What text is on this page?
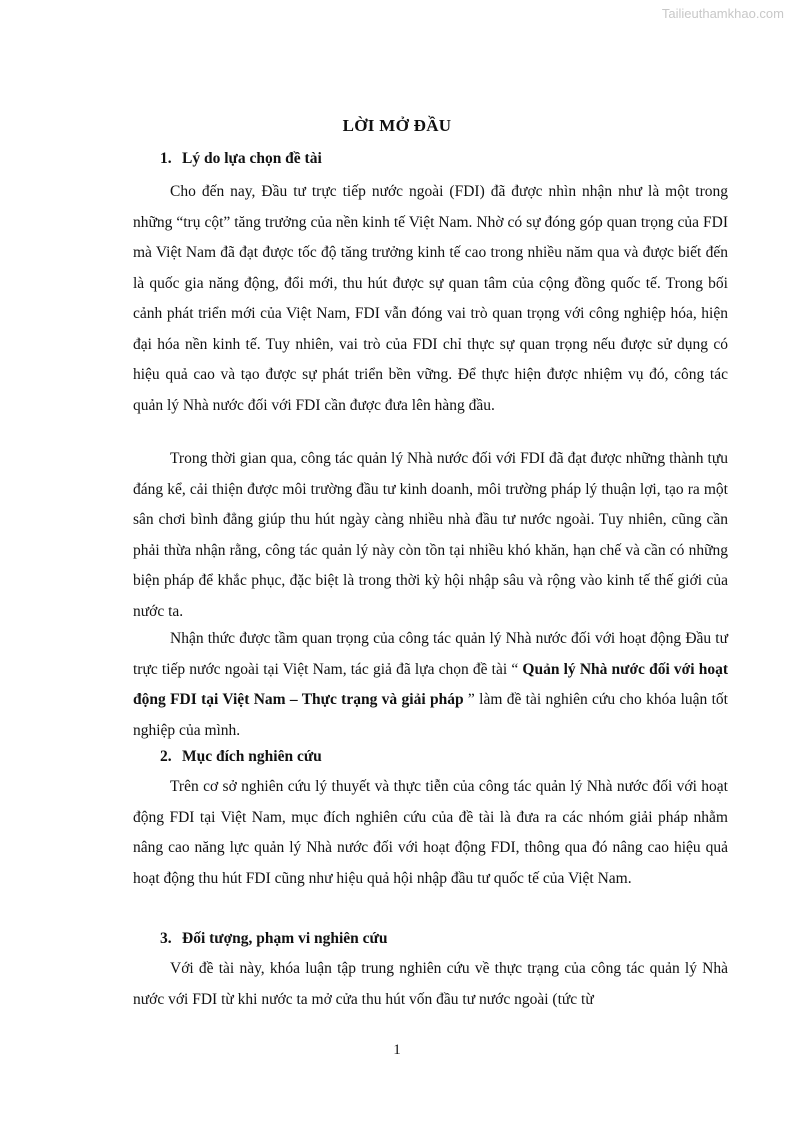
Tailieuthamkhao.com
LỜI MỞ ĐẦU
1. Lý do lựa chọn đề tài

Cho đến nay, Đầu tư trực tiếp nước ngoài (FDI) đã được nhìn nhận như là một trong những “trụ cột” tăng trưởng của nền kinh tế Việt Nam. Nhờ có sự đóng góp quan trọng của FDI mà Việt Nam đã đạt được tốc độ tăng trưởng kinh tế cao trong nhiều năm qua và được biết đến là quốc gia năng động, đổi mới, thu hút được sự quan tâm của cộng đồng quốc tế. Trong bối cảnh phát triển mới của Việt Nam, FDI vẫn đóng vai trò quan trọng với công nghiệp hóa, hiện đại hóa nền kinh tế. Tuy nhiên, vai trò của FDI chỉ thực sự quan trọng nếu được sử dụng có hiệu quả cao và tạo được sự phát triển bền vững. Để thực hiện được nhiệm vụ đó, công tác quản lý Nhà nước đối với FDI cần được đưa lên hàng đầu.

Trong thời gian qua, công tác quản lý Nhà nước đối với FDI đã đạt được những thành tựu đáng kể, cải thiện được môi trường đầu tư kinh doanh, môi trường pháp lý thuận lợi, tạo ra một sân chơi bình đẳng giúp thu hút ngày càng nhiều nhà đầu tư nước ngoài. Tuy nhiên, cũng cần phải thừa nhận rằng, công tác quản lý này còn tồn tại nhiều khó khăn, hạn chế và cần có những biện pháp để khắc phục, đặc biệt là trong thời kỳ hội nhập sâu và rộng vào kinh tế thế giới của nước ta.

Nhận thức được tầm quan trọng của công tác quản lý Nhà nước đối với hoạt động Đầu tư trực tiếp nước ngoài tại Việt Nam, tác giả đã lựa chọn đề tài “ Quản lý Nhà nước đối với hoạt động FDI tại Việt Nam – Thực trạng và giải pháp ” làm đề tài nghiên cứu cho khóa luận tốt nghiệp của mình.

2. Mục đích nghiên cứu

Trên cơ sở nghiên cứu lý thuyết và thực tiễn của công tác quản lý Nhà nước đối với hoạt động FDI tại Việt Nam, mục đích nghiên cứu của đề tài là đưa ra các nhóm giải pháp nhằm nâng cao năng lực quản lý Nhà nước đối với hoạt động FDI, thông qua đó nâng cao hiệu quả hoạt động thu hút FDI cũng như hiệu quả hội nhập đầu tư quốc tế của Việt Nam.

3. Đối tượng, phạm vi nghiên cứu

Với đề tài này, khóa luận tập trung nghiên cứu về thực trạng của công tác quản lý Nhà nước với FDI từ khi nước ta mở cửa thu hút vốn đầu tư nước ngoài (tức từ

1
